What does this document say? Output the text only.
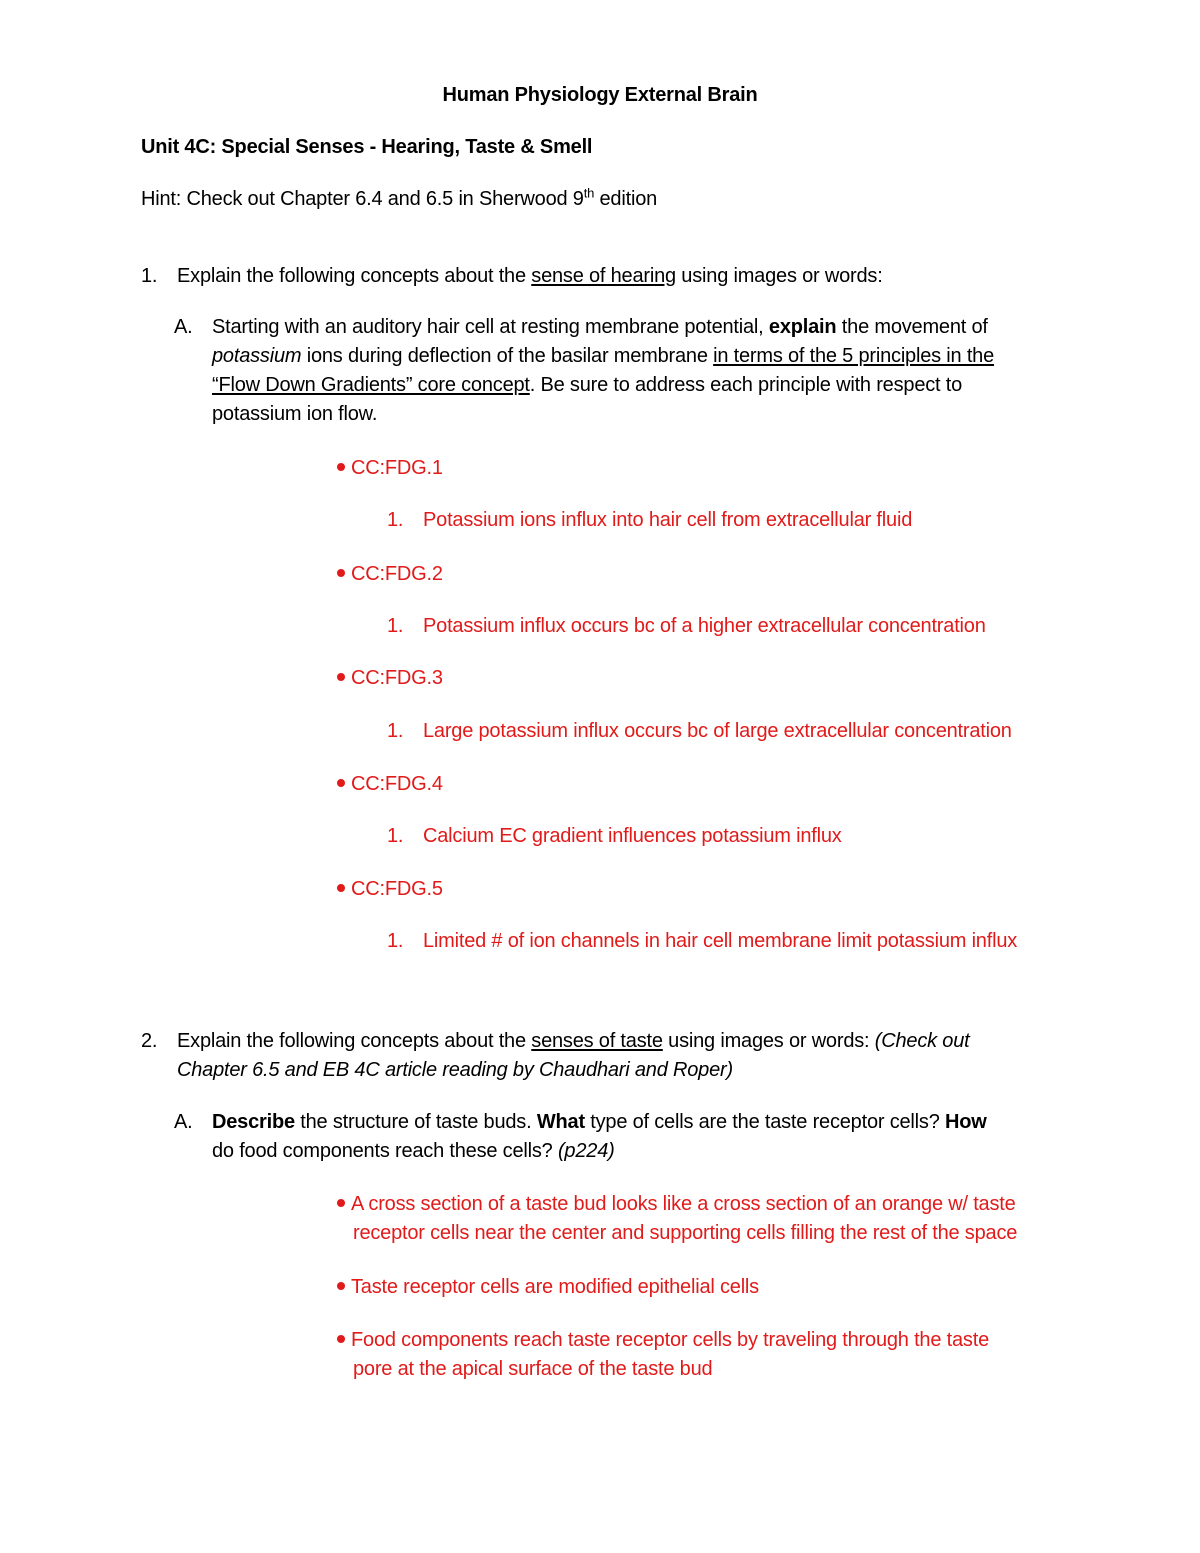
Human Physiology External Brain
Unit 4C: Special Senses - Hearing, Taste & Smell
Hint: Check out Chapter 6.4 and 6.5 in Sherwood 9th edition
1. Explain the following concepts about the sense of hearing using images or words:
A. Starting with an auditory hair cell at resting membrane potential, explain the movement of
potassium ions during deflection of the basilar membrane in terms of the 5 principles in the
“Flow Down Gradients” core concept. Be sure to address each principle with respect to
potassium ion flow.
CC:FDG.1
1. Potassium ions influx into hair cell from extracellular fluid
CC:FDG.2
1. Potassium influx occurs bc of a higher extracellular concentration
CC:FDG.3
1. Large potassium influx occurs bc of large extracellular concentration
CC:FDG.4
1. Calcium EC gradient influences potassium influx
CC:FDG.5
1. Limited # of ion channels in hair cell membrane limit potassium influx
2. Explain the following concepts about the senses of taste using images or words: (Check out
Chapter 6.5 and EB 4C article reading by Chaudhari and Roper)
A. Describe the structure of taste buds. What type of cells are the taste receptor cells? How
do food components reach these cells? (p224)
A cross section of a taste bud looks like a cross section of an orange w/ taste
receptor cells near the center and supporting cells filling the rest of the space
Taste receptor cells are modified epithelial cells
Food components reach taste receptor cells by traveling through the taste
pore at the apical surface of the taste bud
